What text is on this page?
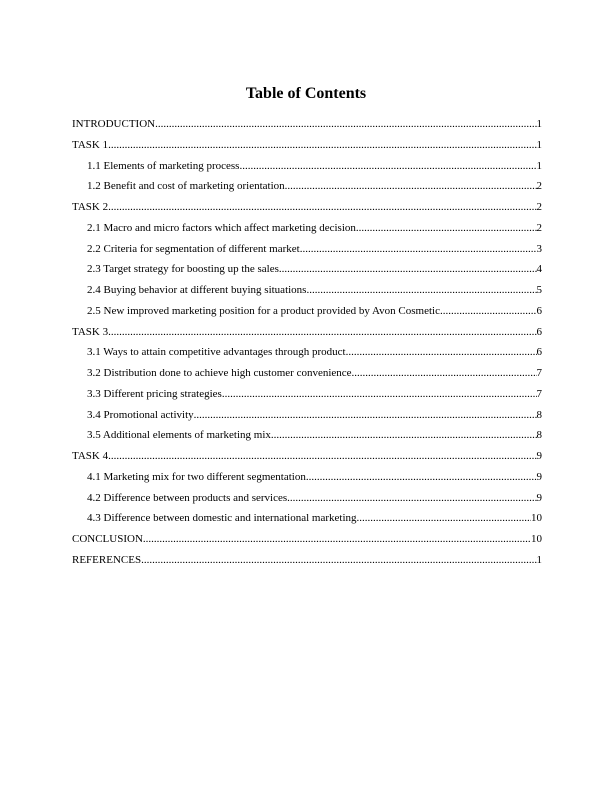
Table of Contents
INTRODUCTION .....	1
TASK 1 .....	1
1.1 Elements of marketing process .....	1
1.2 Benefit and cost of marketing orientation .....	2
TASK 2 .....	2
2.1 Macro and micro factors which affect marketing decision .....	2
2.2 Criteria for segmentation of different market .....	3
2.3 Target strategy for boosting up the sales .....	4
2.4 Buying behavior at different buying situations .....	5
2.5 New improved marketing position for a product provided by Avon Cosmetic .....	6
TASK 3 .....	6
3.1 Ways to attain competitive advantages through product .....	6
3.2 Distribution done to achieve high customer convenience .....	7
3.3 Different pricing strategies .....	7
3.4 Promotional activity .....	8
3.5 Additional elements of marketing mix .....	8
TASK 4 .....	9
4.1 Marketing mix for two different segmentation .....	9
4.2 Difference between products and services .....	9
4.3 Difference between domestic and international marketing .....	10
CONCLUSION .....	10
REFERENCES .....	1
